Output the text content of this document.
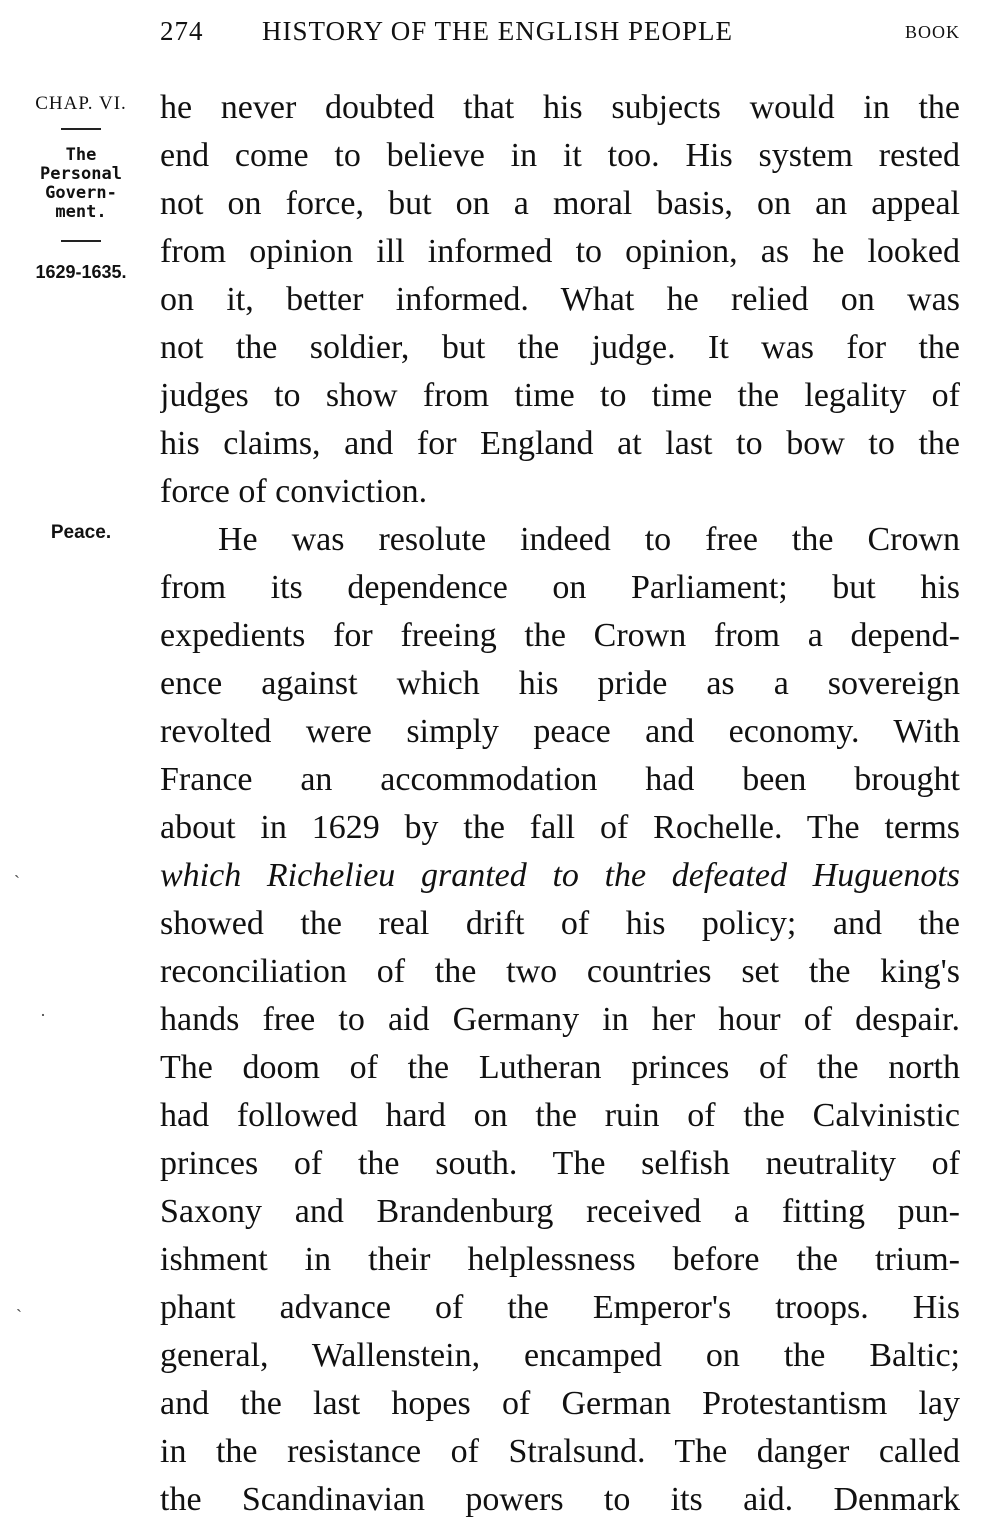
274 HISTORY OF THE ENGLISH PEOPLE	BOOK
CHAP. VI.
The
Personal
Govern-
ment.
1629-1635.
Peace.
ˏ
·
ˏ
he never doubted that his subjects would in the
end come to believe in it too. His system rested
not on force, but on a moral basis, on an appeal
from opinion ill informed to opinion, as he looked
on it, better informed. What he relied on was
not the soldier, but the judge. It was for the
judges to show from time to time the legality of
his claims, and for England at last to bow to the
force of conviction.
He was resolute indeed to free the Crown
from its dependence on Parliament; but his
expedients for freeing the Crown from a depend-
ence against which his pride as a sovereign
revolted were simply peace and economy. With
France an accommodation had been brought
about in 1629 by the fall of Rochelle. The terms
which Richelieu granted to the defeated Huguenots
showed the real drift of his policy; and the
reconciliation of the two countries set the king's
hands free to aid Germany in her hour of despair.
The doom of the Lutheran princes of the north
had followed hard on the ruin of the Calvinistic
princes of the south. The selfish neutrality of
Saxony and Brandenburg received a fitting pun-
ishment in their helplessness before the trium-
phant advance of the Emperor's troops. His
general, Wallenstein, encamped on the Baltic;
and the last hopes of German Protestantism lay
in the resistance of Stralsund. The danger called
the Scandinavian powers to its aid. Denmark
